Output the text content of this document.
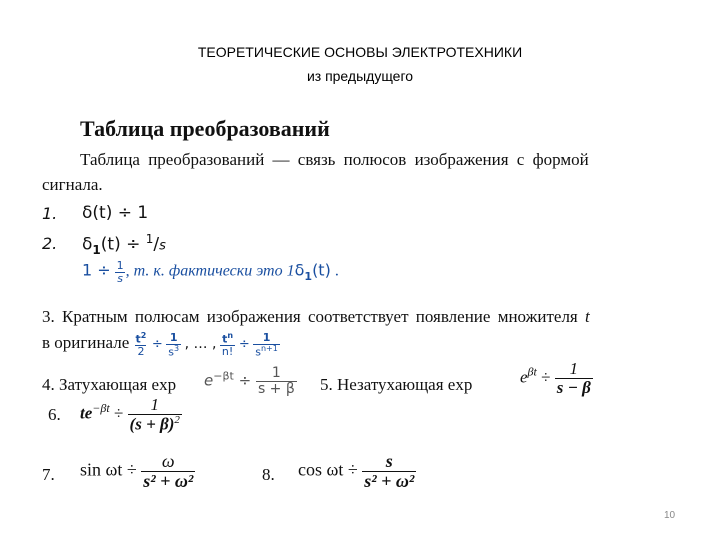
ТЕОРЕТИЧЕСКИЕ ОСНОВЫ ЭЛЕКТРОТЕХНИКИ
из предыдущего
Таблица преобразований
Таблица преобразований — связь полюсов изображения с формой
сигнала.
1. δ(t) ÷ 1
2. $\delta_1(t) \div ^1/s$
$1 \div \frac{1}{s}$ , т. к. фактически это $1\delta_1(t)$ .
3. Кратным полюсам изображения соответствует появление множителя t
в оригинале $\frac{t^2}{2} \div \frac{1}{s^3}$ , … , $\frac{t^n}{n!} \div \frac{1}{s^{n+1}}$
4. Затухающая $\exp e^{-\beta t} \div \frac{1}{s + \beta} 5$. Незатухающая exp	$e^{\beta t} \div \frac{1}{s - \beta}$
6. $te^{-\beta t} \div \frac{1}{(s + \beta)^2}$
7. $\sin \omega t \div \frac{\omega}{\text{s² + ω²}}$	8. $\cos \omega t \div \frac{s}{\text{s² + ω²}}$
10
